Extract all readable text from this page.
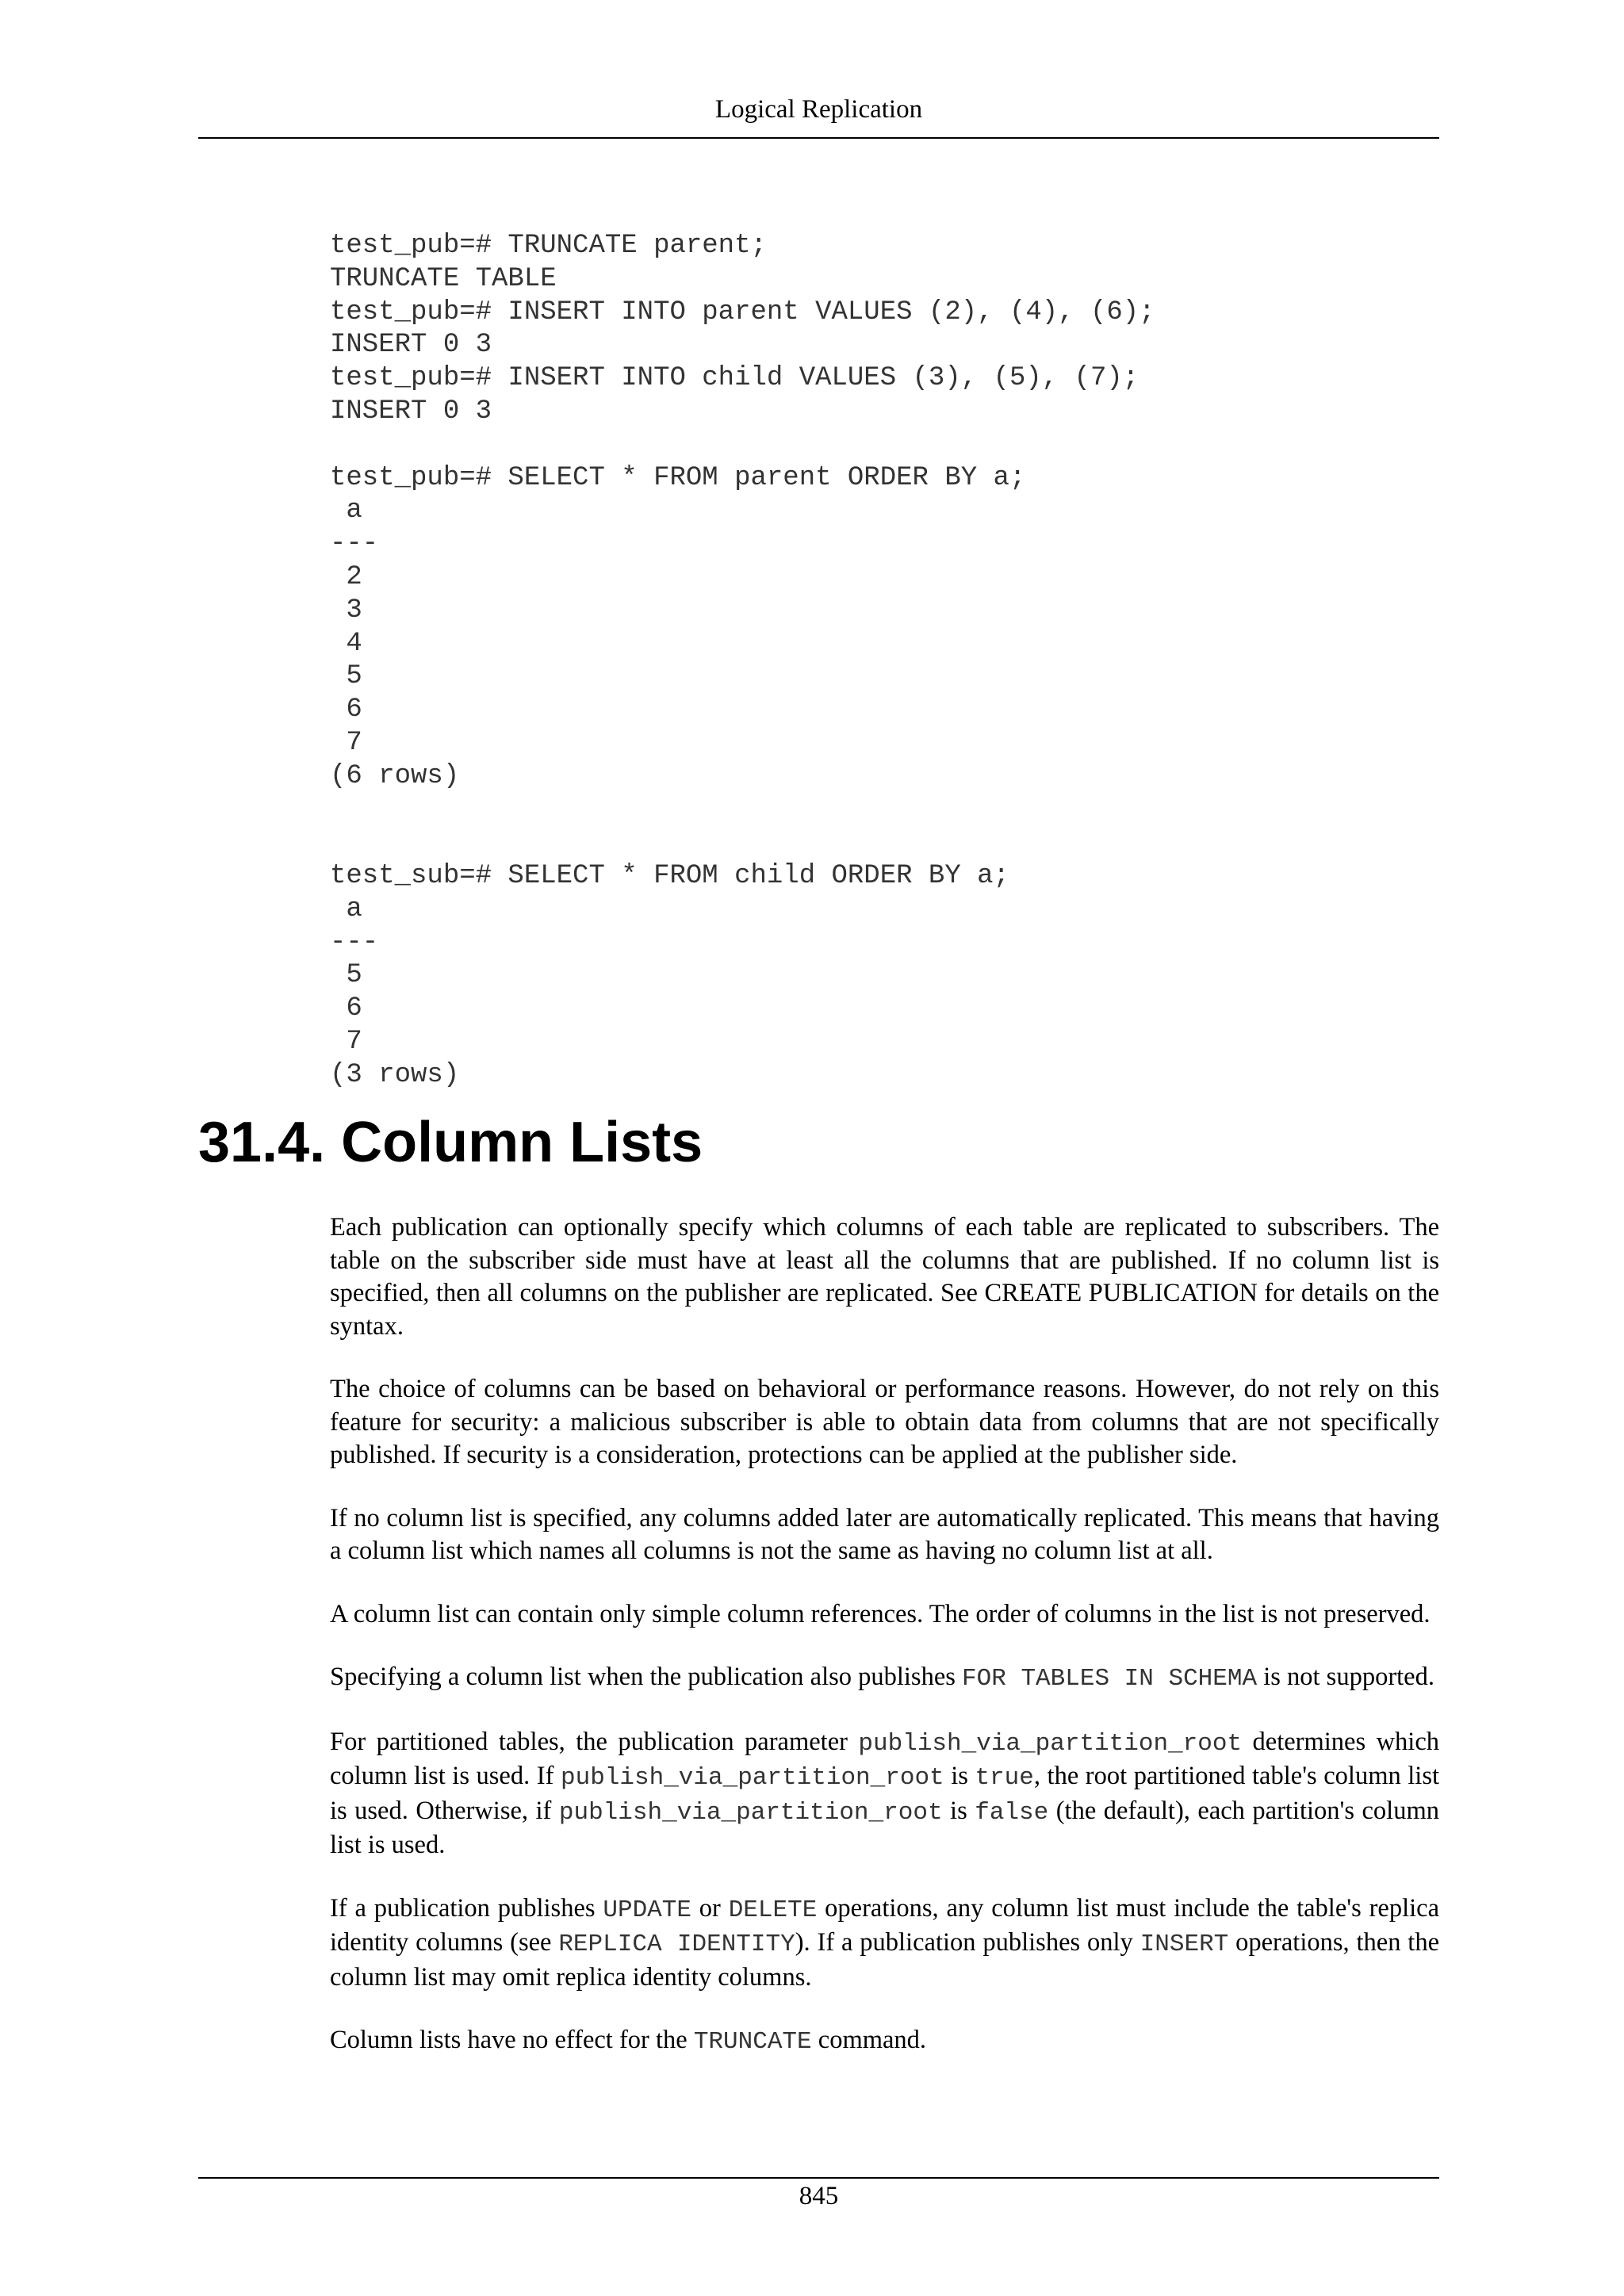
Logical Replication
test_pub=# TRUNCATE parent;
TRUNCATE TABLE
test_pub=# INSERT INTO parent VALUES (2), (4), (6);
INSERT 0 3
test_pub=# INSERT INTO child VALUES (3), (5), (7);
INSERT 0 3

test_pub=# SELECT * FROM parent ORDER BY a;
a
---
2
3
4
5
6
7
(6 rows)
test_sub=# SELECT * FROM child ORDER BY a;
a
---
5
6
7
(3 rows)
31.4. Column Lists

Each publication can optionally specify which columns of each table are replicated to subscribers. The table on the subscriber side must have at least all the columns that are published. If no column list is specified, then all columns on the publisher are replicated. See CREATE PUBLICATION for details on the syntax.

The choice of columns can be based on behavioral or performance reasons. However, do not rely on this feature for security: a malicious subscriber is able to obtain data from columns that are not specifically published. If security is a consideration, protections can be applied at the publisher side.

If no column list is specified, any columns added later are automatically replicated. This means that having a column list which names all columns is not the same as having no column list at all.

A column list can contain only simple column references. The order of columns in the list is not preserved.

Specifying a column list when the publication also publishes FOR TABLES IN SCHEMA is not supported.

For partitioned tables, the publication parameter publish_via_partition_root determines which column list is used. If publish_via_partition_root is true, the root partitioned table's column list is used. Otherwise, if publish_via_partition_root is false (the default), each partition's column list is used.

If a publication publishes UPDATE or DELETE operations, any column list must include the table's replica identity columns (see REPLICA IDENTITY). If a publication publishes only INSERT operations, then the column list may omit replica identity columns.

Column lists have no effect for the TRUNCATE command.

845
